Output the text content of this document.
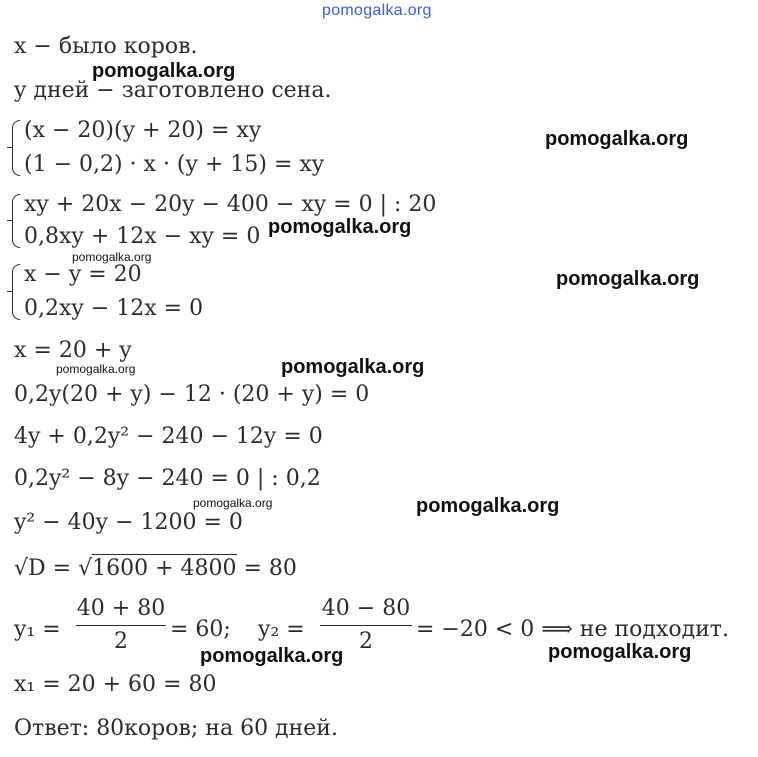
pomogalka.org
pomogalka.org
pomogalka.org
pomogalka.org
pomogalka.org
pomogalka.org
pomogalka.org	pomogalka.org
pomogalka.org	pomogalka.org
pomogalka.org	pomogalka.org
x − было коров.
y дней − заготовлено сена.
(x − 20)(y + 20) = xy
(1 − 0,2) · x · (y + 15) = xy
xy + 20x − 20y − 400 − xy = 0 | : 20
0,8xy + 12x − xy = 0
x − y = 20
0,2xy − 12x = 0
x = 20 + y
0,2y(20 + y) − 12 · (20 + y) = 0
4y + 0,2y² − 240 − 12y = 0
0,2y² − 8y − 240 = 0 | : 0,2
y² − 40y − 1200 = 0
√D = √1600 + 4800 = 80
y₁ =
40 + 80
2	= 60; y₂ =
40 − 80
2	= −20 < 0 ⟹ не подходит.
x₁ = 20 + 60 = 80
Ответ: 80коров; на 60 дней.
